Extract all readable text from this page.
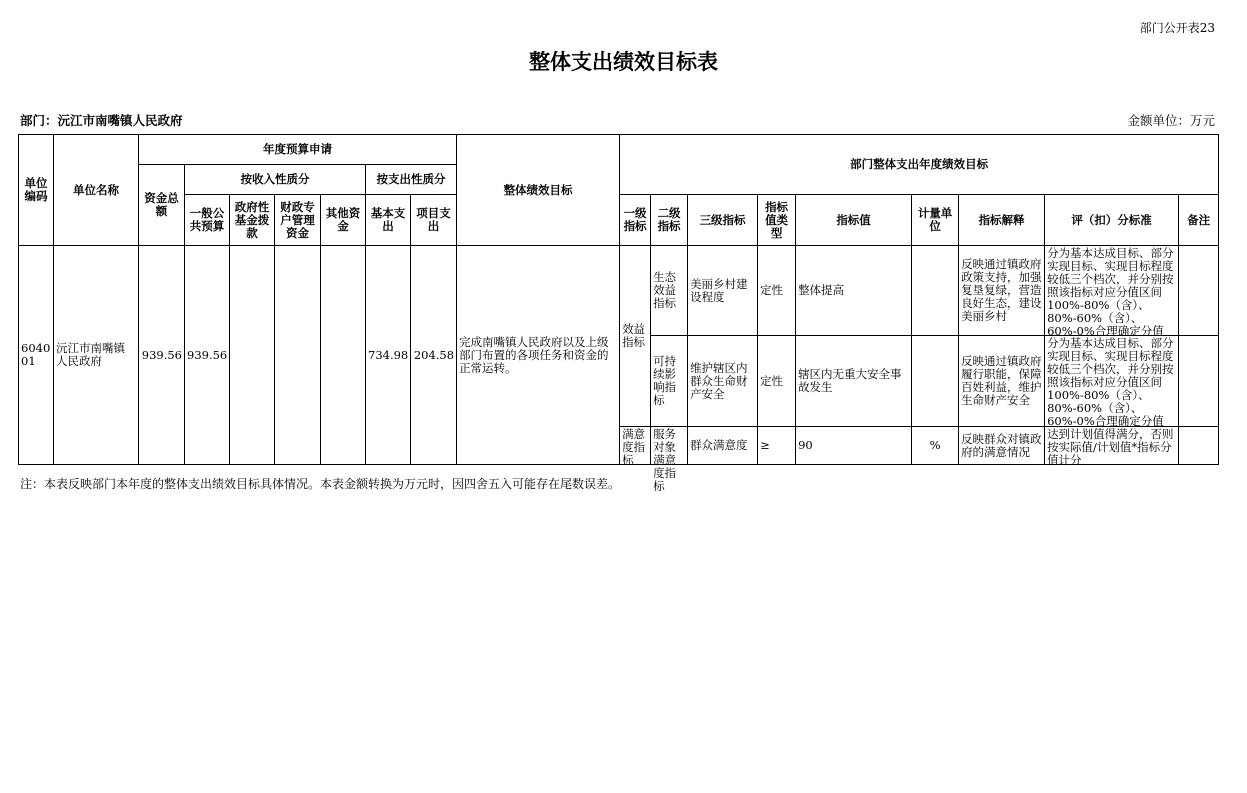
部门公开表23
整体支出绩效目标表
部门：沅江市南嘴镇人民政府	金额单位：万元
单位编码	单位名称	年度预算申请							整体绩效目标	部门整体支出年度绩效目标								
		资金总额	按收入性质分				按支出性质分											
			一般公共预算	政府性基金拨款	财政专户管理资金	其他资金	基本支出	项目支出		一级指标	二级指标	三级指标	指标值类型	指标值	计量单位	指标解释	评（扣）分标准	备注
604001	沅江市南嘴镇人民政府	939.56	939.56				734.98	204.58	完成南嘴镇人民政府以及上级部门布置的各项任务和资金的正常运转。	效益指标	生态效益指标	美丽乡村建设程度	定性	整体提高		反映通过镇政府政策支持，加强复垦复绿，营造良好生态，建设美丽乡村	分为基本达成目标、部分实现目标、实现目标程度较低三个档次，并分别按照该指标对应分值区间100%-80%（含）、80%-60%（含）、60%-0%合理确定分值	

											可持续影响指标	维护辖区内群众生命财产安全	定性	辖区内无重大安全事故发生		反映通过镇政府履行职能，保障百姓利益，维护生命财产安全	分为基本达成目标、部分实现目标、实现目标程度较低三个档次，并分别按照该指标对应分值区间100%-80%（含）、80%-60%（含）、60%-0%合理确定分值	

										满意度指标	服务对象满意度指标	群众满意度	≥	90	%	反映群众对镇政府的满意情况	达到计划值得满分，否则按实际值/计划值*指标分值计分	

注：本表反映部门本年度的整体支出绩效目标具体情况。本表金额转换为万元时，因四舍五入可能存在尾数误差。
